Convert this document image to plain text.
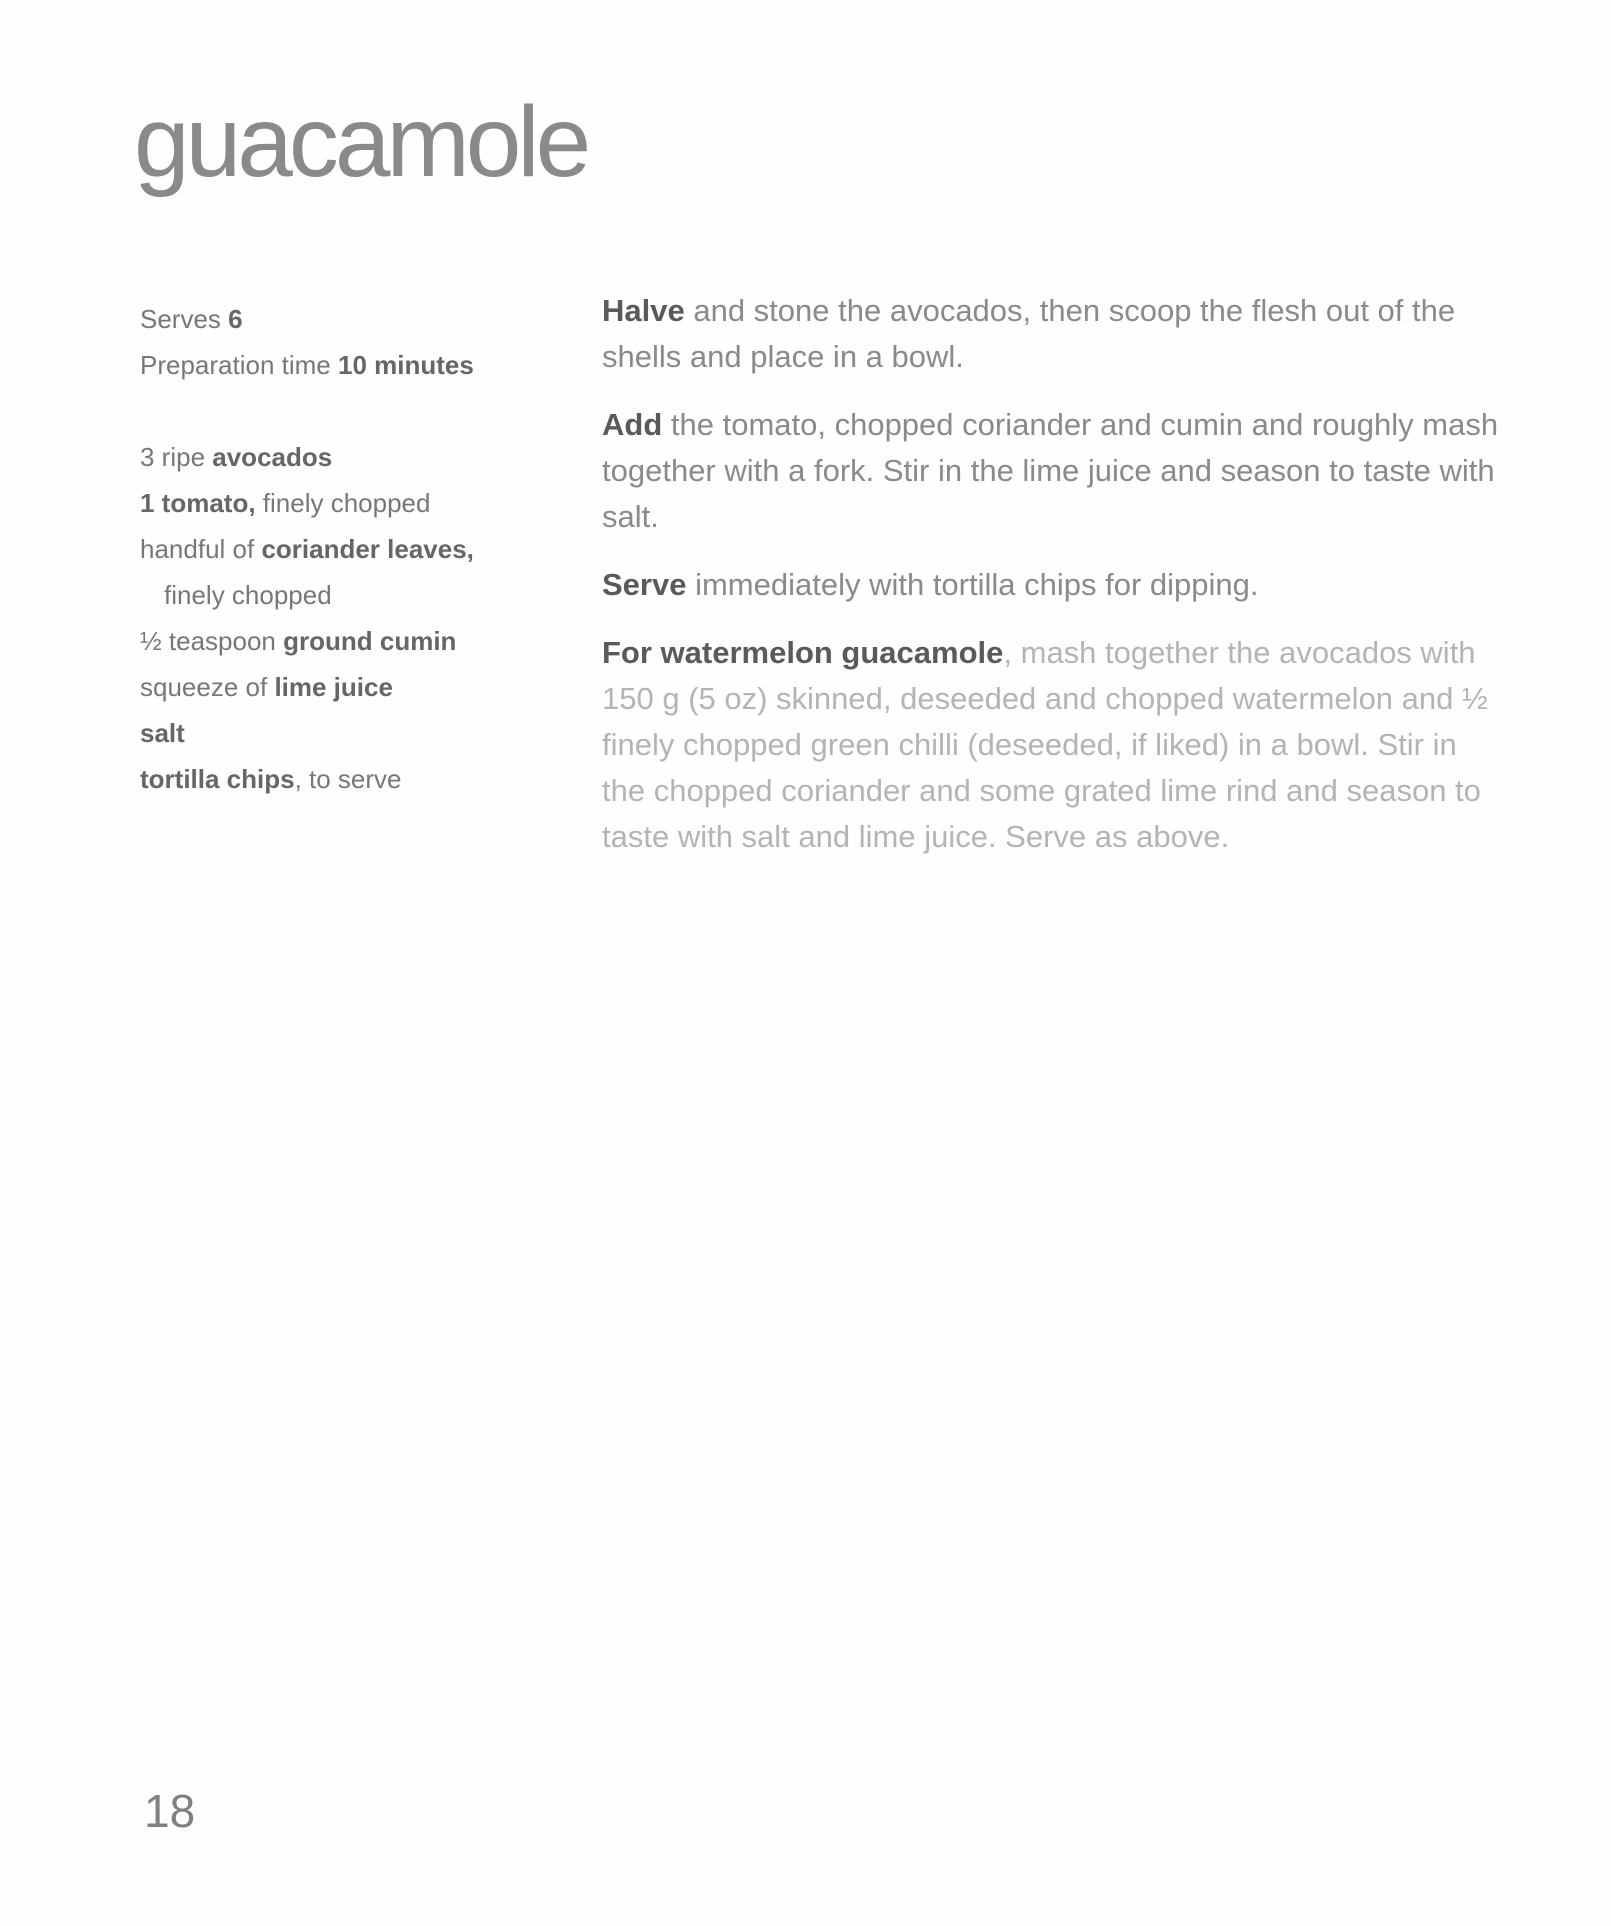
guacamole
Serves 6
Preparation time 10 minutes
3 ripe avocados
1 tomato, finely chopped
handful of coriander leaves,
finely chopped
½ teaspoon ground cumin
squeeze of lime juice
salt
tortilla chips, to serve

Halve and stone the avocados, then scoop the flesh out of the shells and place in a bowl.

Add the tomato, chopped coriander and cumin and roughly mash together with a fork. Stir in the lime juice and season to taste with salt.

Serve immediately with tortilla chips for dipping.

For watermelon guacamole, mash together the avocados with 150 g (5 oz) skinned, deseeded and chopped watermelon and ½ finely chopped green chilli (deseeded, if liked) in a bowl. Stir in the chopped coriander and some grated lime rind and season to taste with salt and lime juice. Serve as above.

18
